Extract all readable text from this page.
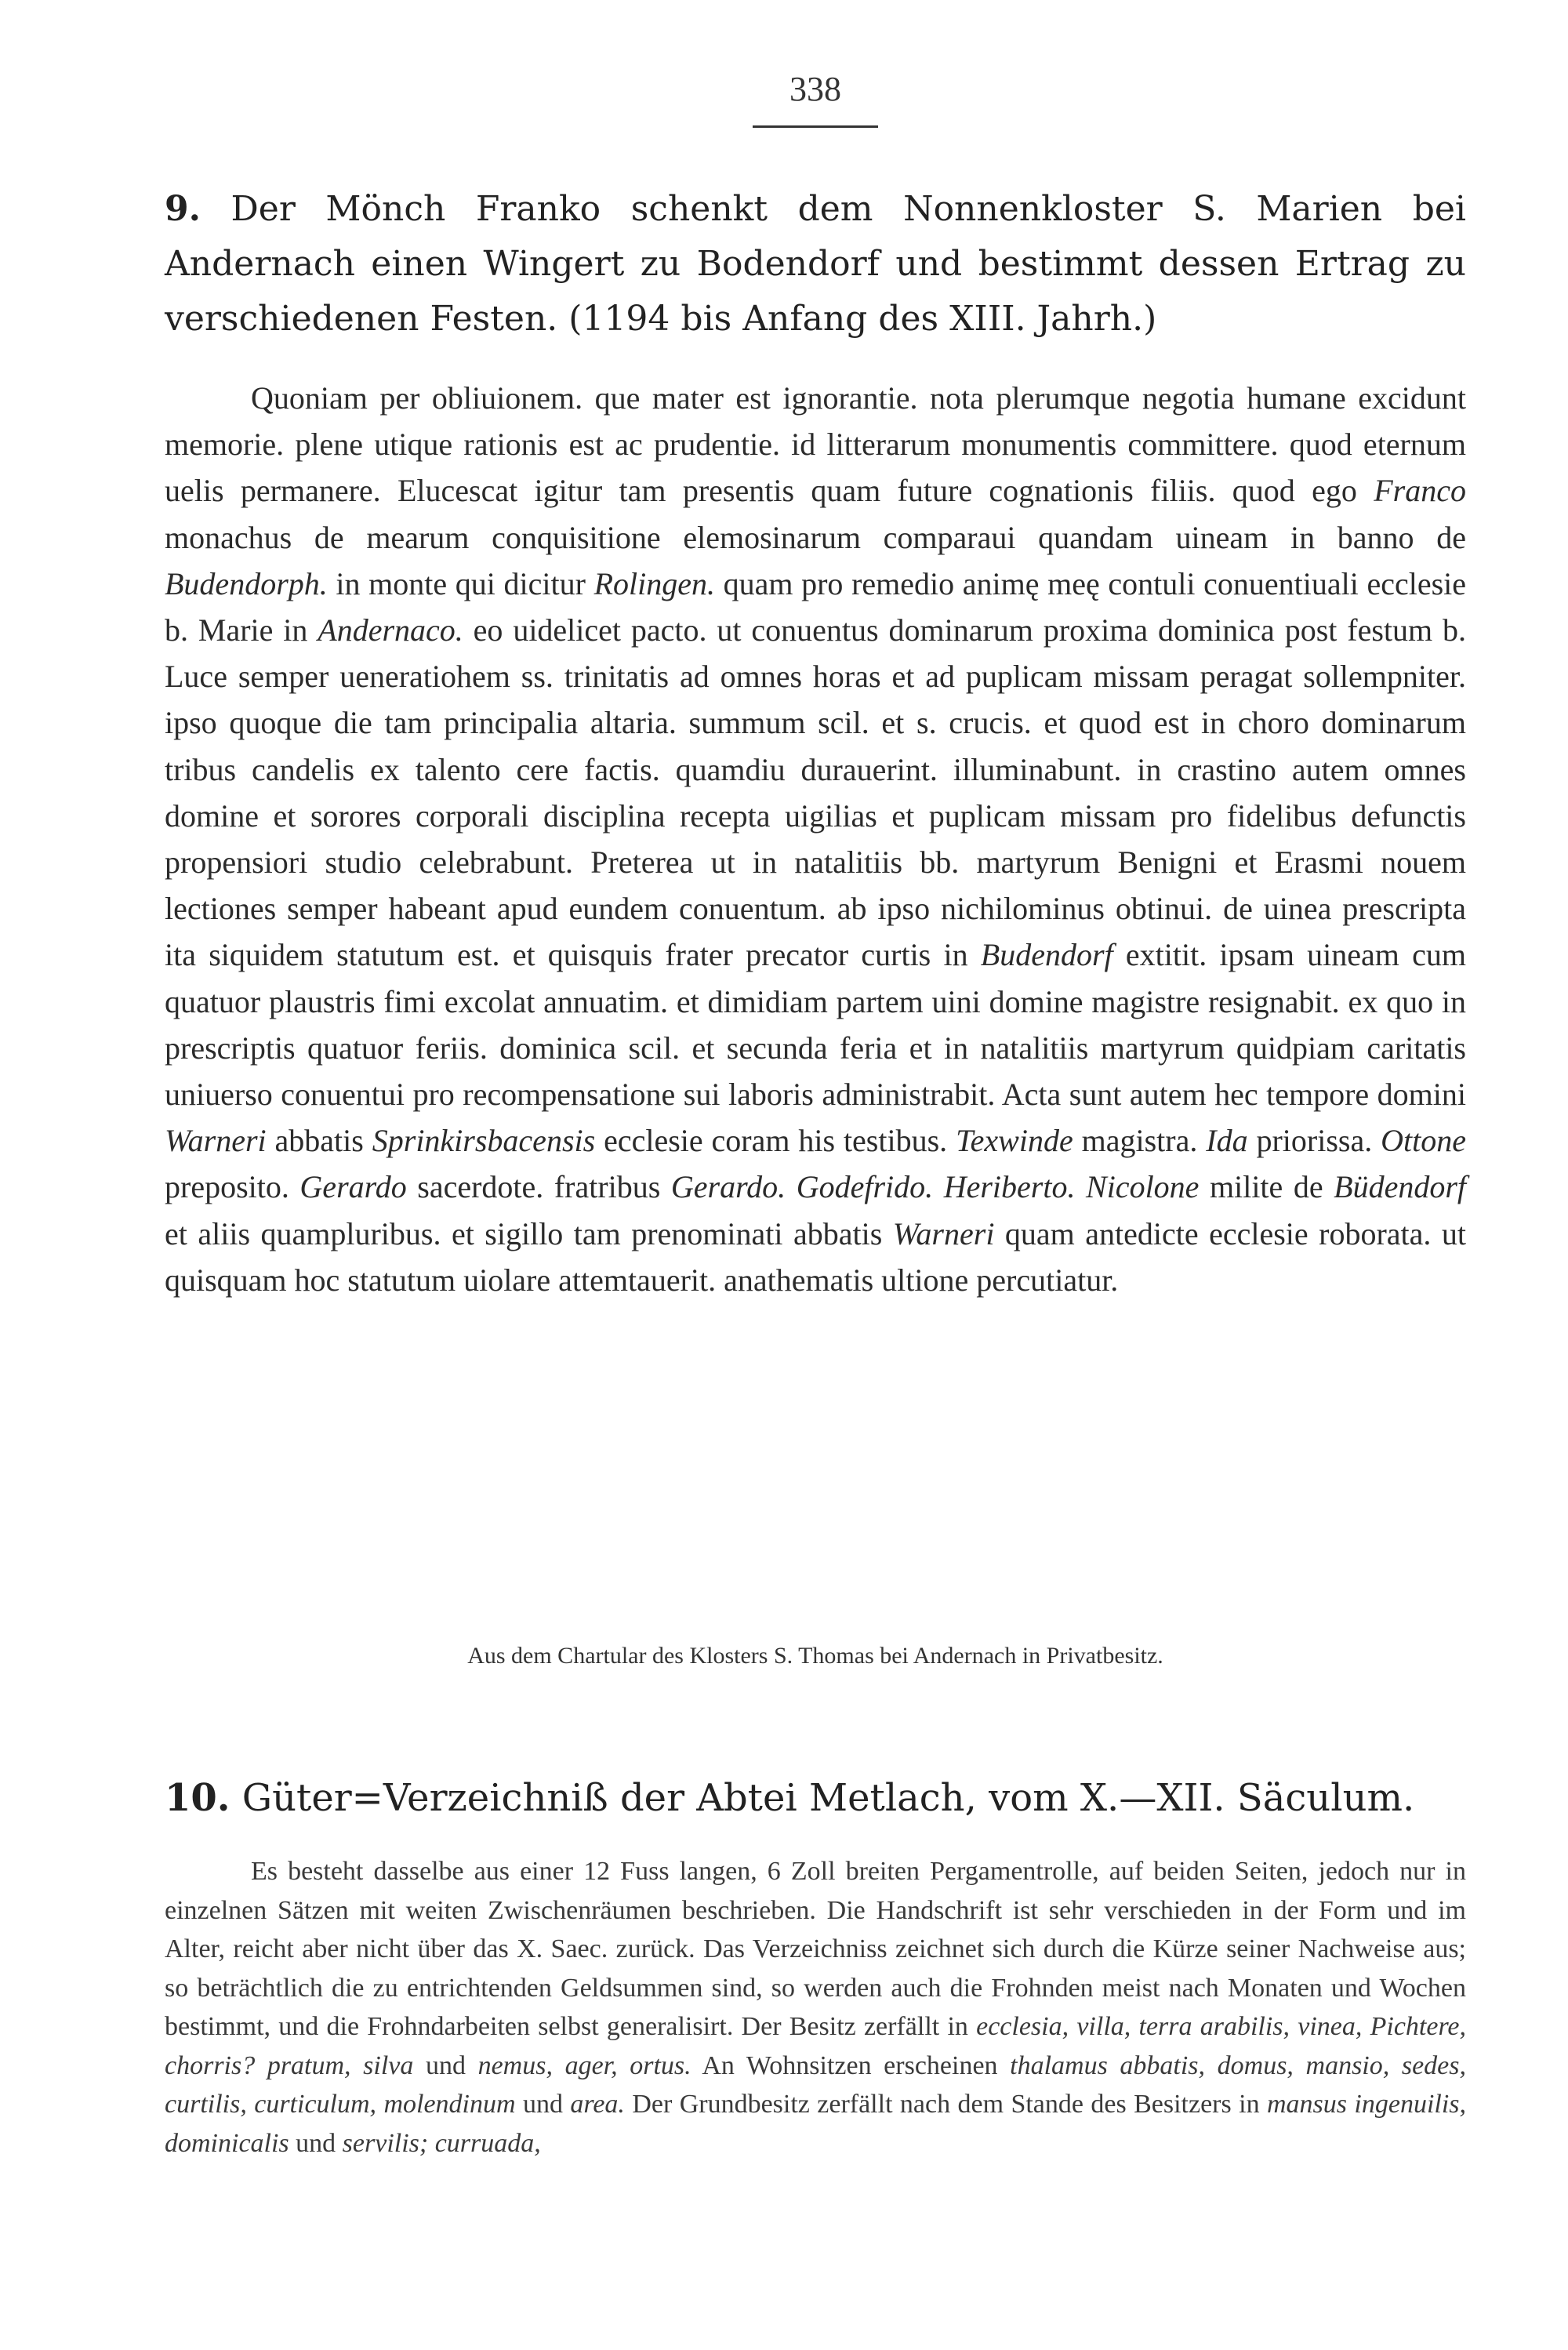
338
9. Der Mönch Franko schenkt dem Nonnenkloster S. Marien bei Andernach einen Wingert zu Bodendorf und bestimmt dessen Ertrag zu verschiedenen Festen. (1194 bis Anfang des XIII. Jahrh.)
Quoniam per obliuionem. que mater est ignorantie. nota plerumque negotia humane excidunt memorie. plene utique rationis est ac prudentie. id litterarum monumentis committere. quod eternum uelis permanere. Elucescat igitur tam presentis quam future cognationis filiis. quod ego Franco monachus de mearum conquisitione elemosinarum comparaui quandam uineam in banno de Budendorph. in monte qui dicitur Rolingen. quam pro remedio animę meę contuli conuentiuali ecclesie b. Marie in Andernaco. eo uidelicet pacto. ut conuentus dominarum proxima dominica post festum b. Luce semper ueneratiohem ss. trinitatis ad omnes horas et ad puplicam missam peragat sollempniter. ipso quoque die tam principalia altaria. summum scil. et s. crucis. et quod est in choro dominarum tribus candelis ex talento cere factis. quamdiu durauerint. illuminabunt. in crastino autem omnes domine et sorores corporali disciplina recepta uigilias et puplicam missam pro fidelibus defunctis propensiori studio celebrabunt. Preterea ut in natalitiis bb. martyrum Benigni et Erasmi nouem lectiones semper habeant apud eundem conuentum. ab ipso nichilominus obtinui. de uinea prescripta ita siquidem statutum est. et quisquis frater precator curtis in Budendorf extitit. ipsam uineam cum quatuor plaustris fimi excolat annuatim. et dimidiam partem uini domine magistre resignabit. ex quo in prescriptis quatuor feriis. dominica scil. et secunda feria et in natalitiis martyrum quidpiam caritatis uniuerso conuentui pro recompensatione sui laboris administrabit. Acta sunt autem hec tempore domini Warneri abbatis Sprinkirsbacensis ecclesie coram his testibus. Texwinde magistra. Ida priorissa. Ottone preposito. Gerardo sacerdote. fratribus Gerardo. Godefrido. Heriberto. Nicolone milite de Büdendorf et aliis quampluribus. et sigillo tam prenominati abbatis Warneri quam antedicte ecclesie roborata. ut quisquam hoc statutum uiolare attemtauerit. anathematis ultione percutiatur.
Aus dem Chartular des Klosters S. Thomas bei Andernach in Privatbesitz.
10. Güter=Verzeichniß der Abtei Metlach, vom X.—XII. Säculum.
Es besteht dasselbe aus einer 12 Fuss langen, 6 Zoll breiten Pergamentrolle, auf beiden Seiten, jedoch nur in einzelnen Sätzen mit weiten Zwischenräumen beschrieben. Die Handschrift ist sehr verschieden in der Form und im Alter, reicht aber nicht über das X. Saec. zurück. Das Verzeichniss zeichnet sich durch die Kürze seiner Nachweise aus; so beträchtlich die zu entrichtenden Geldsummen sind, so werden auch die Frohnden meist nach Monaten und Wochen bestimmt, und die Frohndarbeiten selbst generalisirt. Der Besitz zerfällt in ecclesia, villa, terra arabilis, vinea, Pichtere, chorris? pratum, silva und nemus, ager, ortus. An Wohnsitzen erscheinen thalamus abbatis, domus, mansio, sedes, curtilis, curticulum, molendinum und area. Der Grundbesitz zerfällt nach dem Stande des Besitzers in mansus ingenuilis, dominicalis und servilis; curruada,
